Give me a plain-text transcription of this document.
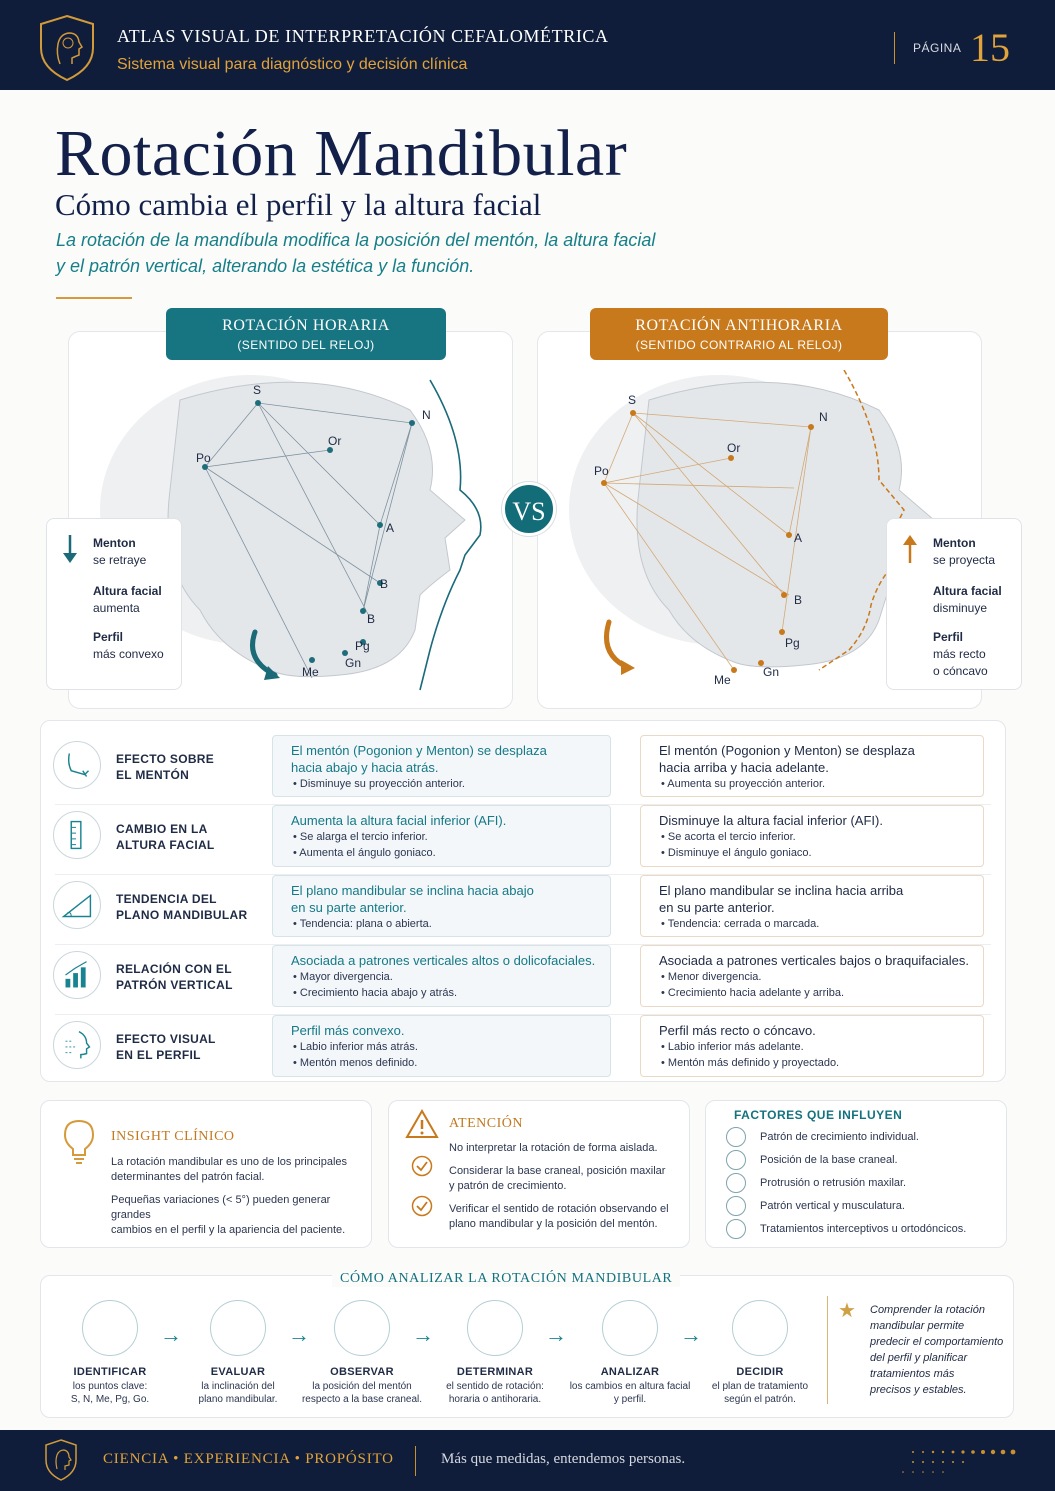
ATLAS VISUAL DE INTERPRETACIÓN CEFALOMÉTRICA
Sistema visual para diagnóstico y decisión clínica
PÁGINA 15
Rotación Mandibular
Cómo cambia el perfil y la altura facial
La rotación de la mandíbula modifica la posición del mentón, la altura facial
y el patrón vertical, alterando la estética y la función.
S
N
Or
Po
A
B
B
Pg
Gn
Me
S
N
Or
Po
A
B
Pg
Gn
Me
ROTACIÓN HORARIA
(SENTIDO DEL RELOJ)
ROTACIÓN ANTIHORARIA
(SENTIDO CONTRARIO AL RELOJ)
VS
Menton
se retraye
Altura facial
aumenta
Perfil
más convexo
Menton
se proyecta
Altura facial
disminuye
Perfil
más recto
o cóncavo
EFECTO SOBRE
EL MENTÓN
El mentón (Pogonion y Menton) se desplaza
hacia abajo y hacia atrás.
• Disminuye su proyección anterior.
El mentón (Pogonion y Menton) se desplaza
hacia arriba y hacia adelante.
• Aumenta su proyección anterior.
CAMBIO EN LA
ALTURA FACIAL
Aumenta la altura facial inferior (AFI).
• Se alarga el tercio inferior.
• Aumenta el ángulo goniaco.
Disminuye la altura facial inferior (AFI).
• Se acorta el tercio inferior.
• Disminuye el ángulo goniaco.
TENDENCIA DEL
PLANO MANDIBULAR
El plano mandibular se inclina hacia abajo
en su parte anterior.
• Tendencia: plana o abierta.
El plano mandibular se inclina hacia arriba
en su parte anterior.
• Tendencia: cerrada o marcada.
RELACIÓN CON EL
PATRÓN VERTICAL
Asociada a patrones verticales altos o dolicofaciales.
• Mayor divergencia.
• Crecimiento hacia abajo y atrás.
Asociada a patrones verticales bajos o braquifaciales.
• Menor divergencia.
• Crecimiento hacia adelante y arriba.
EFECTO VISUAL
EN EL PERFIL
Perfil más convexo.
• Labio inferior más atrás.
• Mentón menos definido.
Perfil más recto o cóncavo.
• Labio inferior más adelante.
• Mentón más definido y proyectado.
INSIGHT CLÍNICO
La rotación mandibular es uno de los principales
determinantes del patrón facial.
Pequeñas variaciones (< 5°) pueden generar grandes
cambios en el perfil y la apariencia del paciente.
ATENCIÓN
No interpretar la rotación de forma aislada.
Considerar la base craneal, posición maxilar
y patrón de crecimiento.
Verificar el sentido de rotación observando el
plano mandibular y la posición del mentón.
FACTORES QUE INFLUYEN
Patrón de crecimiento individual.
Posición de la base craneal.
Protrusión o retrusión maxilar.
Patrón vertical y musculatura.
Tratamientos interceptivos u ortodóncicos.
CÓMO ANALIZAR LA ROTACIÓN MANDIBULAR
IDENTIFICAR
los puntos clave:
S, N, Me, Pg, Go.
→
EVALUAR
la inclinación del
plano mandibular.
→
OBSERVAR
la posición del mentón
respecto a la base craneal.
→
DETERMINAR
el sentido de rotación:
horaria o antihoraria.
→
ANALIZAR
los cambios en altura facial
y perfil.
→
DECIDIR
el plan de tratamiento
según el patrón.
★ Comprender la rotación
mandibular permite
predecir el comportamiento
del perfil y planificar
tratamientos más
precisos y estables.
CIENCIA • EXPERIENCIA • PROPÓSITO	Más que medidas, entendemos personas.
